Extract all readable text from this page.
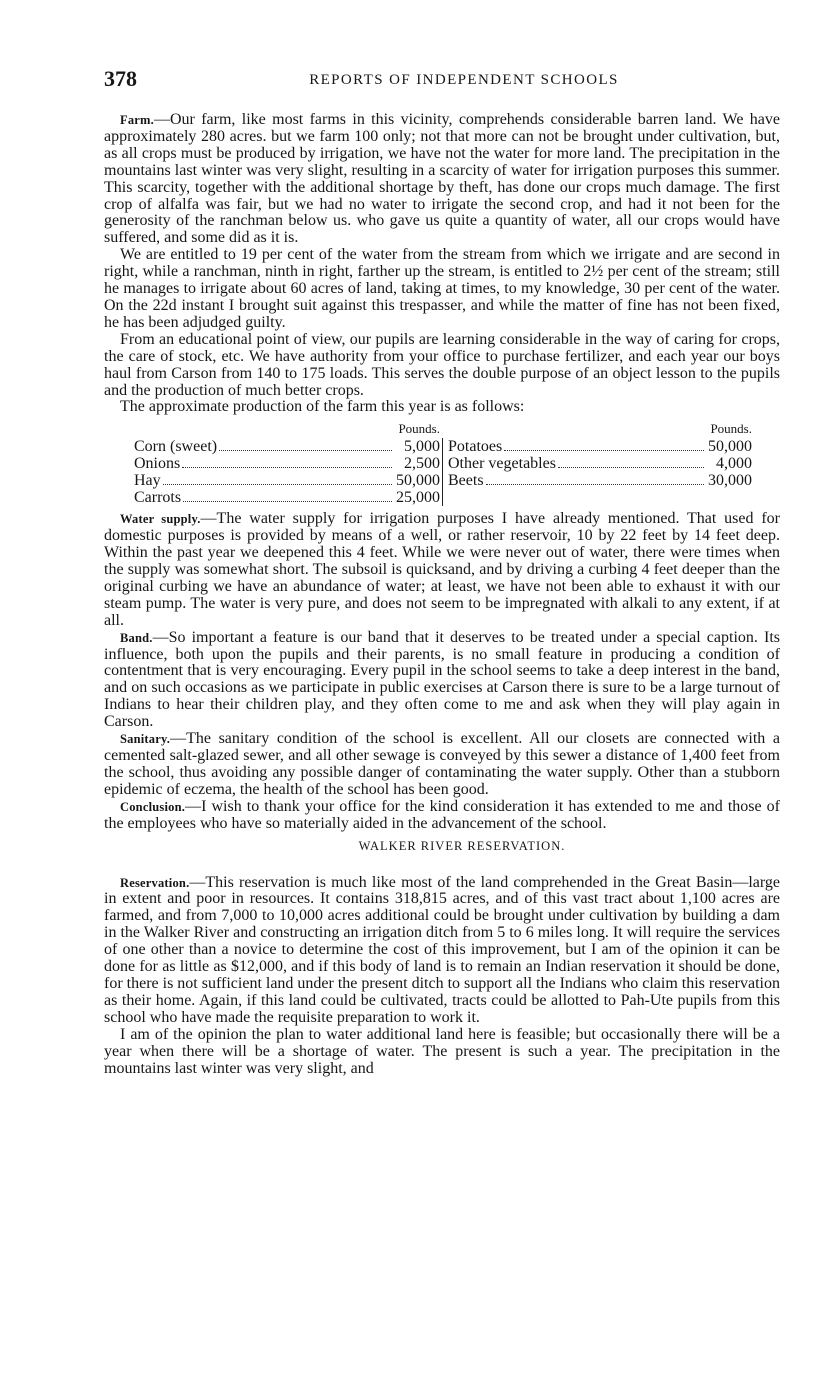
378	REPORTS OF INDEPENDENT SCHOOLS

Farm.—Our farm, like most farms in this vicinity, comprehends considerable barren land. We have approximately 280 acres. but we farm 100 only; not that more can not be brought under cultivation, but, as all crops must be produced by irrigation, we have not the water for more land. The precipitation in the mountains last winter was very slight, resulting in a scarcity of water for irrigation purposes this summer. This scarcity, together with the additional shortage by theft, has done our crops much damage. The first crop of alfalfa was fair, but we had no water to irrigate the second crop, and had it not been for the generosity of the ranchman below us. who gave us quite a quantity of water, all our crops would have suffered, and some did as it is.

We are entitled to 19 per cent of the water from the stream from which we irrigate and are second in right, while a ranchman, ninth in right, farther up the stream, is entitled to 2½ per cent of the stream; still he manages to irrigate about 60 acres of land, taking at times, to my knowledge, 30 per cent of the water. On the 22d instant I brought suit against this trespasser, and while the matter of fine has not been fixed, he has been adjudged guilty.

From an educational point of view, our pupils are learning considerable in the way of caring for crops, the care of stock, etc. We have authority from your office to purchase fertilizer, and each year our boys haul from Carson from 140 to 175 loads. This serves the double purpose of an object lesson to the pupils and the production of much better crops.

The approximate production of the farm this year is as follows:

Pounds.
Corn (sweet)	5,000
Onions	2,500
Hay	50,000
Carrots	25,000
Pounds.
Potatoes	50,000
Other vegetables	4,000
Beets	30,000

Water supply.—The water supply for irrigation purposes I have already mentioned. That used for domestic purposes is provided by means of a well, or rather reservoir, 10 by 22 feet by 14 feet deep. Within the past year we deepened this 4 feet. While we were never out of water, there were times when the supply was somewhat short. The subsoil is quicksand, and by driving a curbing 4 feet deeper than the original curbing we have an abundance of water; at least, we have not been able to exhaust it with our steam pump. The water is very pure, and does not seem to be impregnated with alkali to any extent, if at all.

Band.—So important a feature is our band that it deserves to be treated under a special caption. Its influence, both upon the pupils and their parents, is no small feature in producing a condition of contentment that is very encouraging. Every pupil in the school seems to take a deep interest in the band, and on such occasions as we participate in public exercises at Carson there is sure to be a large turnout of Indians to hear their children play, and they often come to me and ask when they will play again in Carson.

Sanitary.—The sanitary condition of the school is excellent. All our closets are connected with a cemented salt-glazed sewer, and all other sewage is conveyed by this sewer a distance of 1,400 feet from the school, thus avoiding any possible danger of contaminating the water supply. Other than a stubborn epidemic of eczema, the health of the school has been good.

Conclusion.—I wish to thank your office for the kind consideration it has extended to me and those of the employees who have so materially aided in the advancement of the school.

WALKER RIVER RESERVATION.

Reservation.—This reservation is much like most of the land comprehended in the Great Basin—large in extent and poor in resources. It contains 318,815 acres, and of this vast tract about 1,100 acres are farmed, and from 7,000 to 10,000 acres additional could be brought under cultivation by building a dam in the Walker River and constructing an irrigation ditch from 5 to 6 miles long. It will require the services of one other than a novice to determine the cost of this improvement, but I am of the opinion it can be done for as little as $12,000, and if this body of land is to remain an Indian reservation it should be done, for there is not sufficient land under the present ditch to support all the Indians who claim this reservation as their home. Again, if this land could be cultivated, tracts could be allotted to Pah-Ute pupils from this school who have made the requisite preparation to work it.

I am of the opinion the plan to water additional land here is feasible; but occasionally there will be a year when there will be a shortage of water. The present is such a year. The precipitation in the mountains last winter was very slight, and
